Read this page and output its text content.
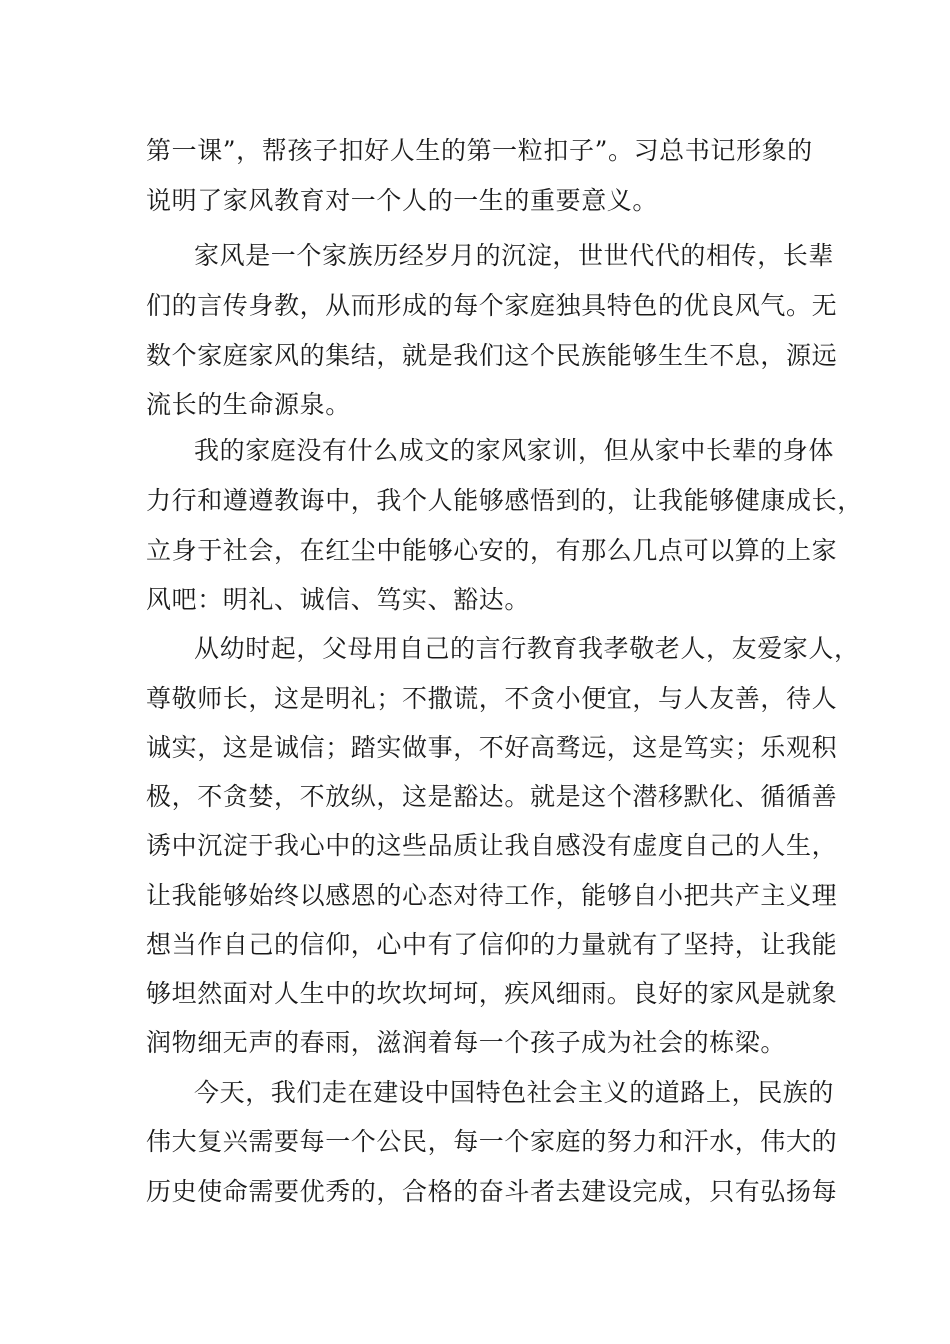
第一课”，帮孩子扣好人生的第一粒扣子”。习总书记形象的
说明了家风教育对一个人的一生的重要意义。
家风是一个家族历经岁月的沉淀，世世代代的相传，长辈
们的言传身教，从而形成的每个家庭独具特色的优良风气。无
数个家庭家风的集结，就是我们这个民族能够生生不息，源远
流长的生命源泉。
我的家庭没有什么成文的家风家训，但从家中长辈的身体
力行和遵遵教诲中，我个人能够感悟到的，让我能够健康成长，
立身于社会，在红尘中能够心安的，有那么几点可以算的上家
风吧：明礼、诚信、笃实、豁达。
从幼时起，父母用自己的言行教育我孝敬老人，友爱家人，
尊敬师长，这是明礼；不撒谎，不贪小便宜，与人友善，待人
诚实，这是诚信；踏实做事，不好高骛远，这是笃实；乐观积
极，不贪婪，不放纵，这是豁达。就是这个潜移默化、循循善
诱中沉淀于我心中的这些品质让我自感没有虚度自己的人生，
让我能够始终以感恩的心态对待工作，能够自小把共产主义理
想当作自己的信仰，心中有了信仰的力量就有了坚持，让我能
够坦然面对人生中的坎坎坷坷，疾风细雨。良好的家风是就象
润物细无声的春雨，滋润着每一个孩子成为社会的栋梁。
今天，我们走在建设中国特色社会主义的道路上，民族的
伟大复兴需要每一个公民，每一个家庭的努力和汗水，伟大的
历史使命需要优秀的，合格的奋斗者去建设完成，只有弘扬每
